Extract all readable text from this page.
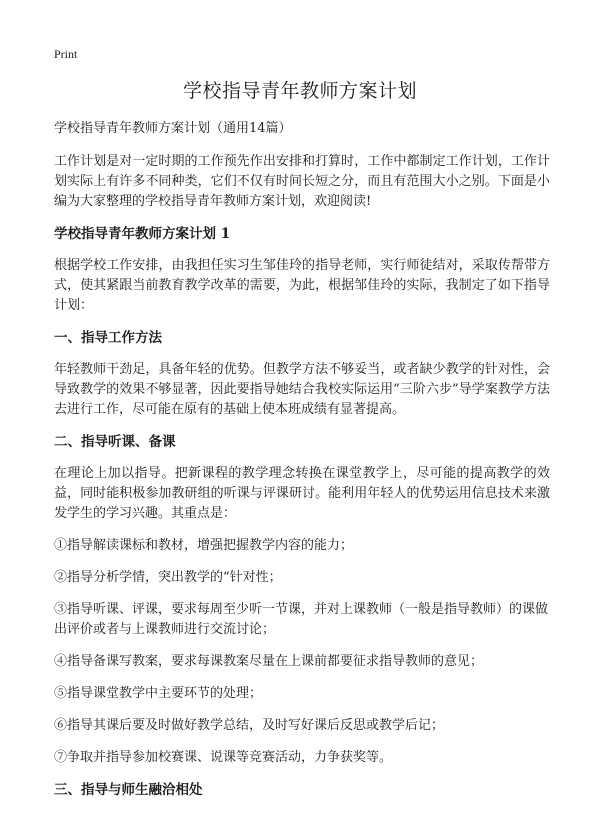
Print
学校指导青年教师方案计划

学校指导青年教师方案计划（通用14篇）

工作计划是对一定时期的工作预先作出安排和打算时，工作中都制定工作计划，工作计划实际上有许多不同种类，它们不仅有时间长短之分，而且有范围大小之别。下面是小编为大家整理的学校指导青年教师方案计划，欢迎阅读!

学校指导青年教师方案计划 1

根据学校工作安排，由我担任实习生邹佳玲的指导老师，实行师徒结对，采取传帮带方式，使其紧跟当前教育教学改革的需要，为此，根据邹佳玲的实际，我制定了如下指导计划：

一、指导工作方法

年轻教师干劲足，具备年轻的优势。但教学方法不够妥当，或者缺少教学的针对性，会导致教学的效果不够显著，因此要指导她结合我校实际运用“三阶六步”导学案教学方法去进行工作，尽可能在原有的基础上使本班成绩有显著提高。

二、指导听课、备课

在理论上加以指导。把新课程的教学理念转换在课堂教学上，尽可能的提高教学的效益，同时能积极参加教研组的听课与评课研讨。能利用年轻人的优势运用信息技术来激发学生的学习兴趣。其重点是：

①指导解读课标和教材，增强把握教学内容的能力；

②指导分析学情，突出教学的“针对性；

③指导听课、评课，要求每周至少听一节课，并对上课教师（一般是指导教师）的课做出评价或者与上课教师进行交流讨论；

④指导备课写教案，要求每课教案尽量在上课前都要征求指导教师的意见；

⑤指导课堂教学中主要环节的处理；

⑥指导其课后要及时做好教学总结，及时写好课后反思或教学后记；

⑦争取并指导参加校赛课、说课等竞赛活动，力争获奖等。

三、指导与师生融洽相处
